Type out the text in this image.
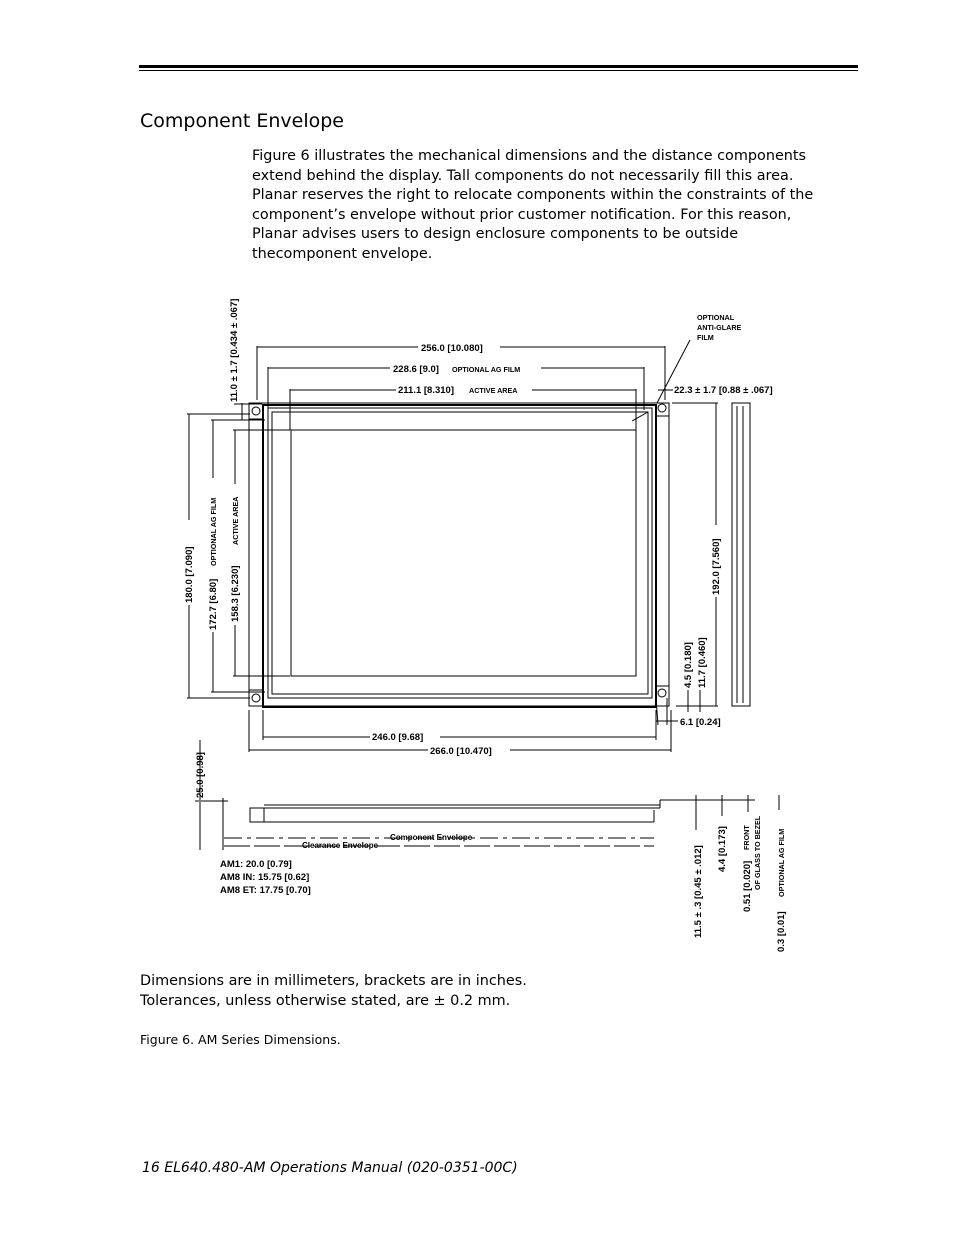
Component Envelope

Figure 6 illustrates the mechanical dimensions and the distance components extend behind the display. Tall components do not necessarily fill this area. Planar reserves the right to relocate components within the constraints of the component’s envelope without prior customer notification. For this reason, Planar advises users to design enclosure components to be outside thecomponent envelope.

256.0 [10.080]
228.6 [9.0] OPTIONAL AG FILM
211.1 [8.310] ACTIVE AREA	22.3 ± 1.7 [0.88 ± .067]
OPTIONAL
ANTI-GLARE
FILM
11.0 ± 1.7 [0.434 ± .067]
180.0 [7.090]
172.7 [6.80]
OPTIONAL AG FILM
158.3 [6.230]
ACTIVE AREA
192.0 [7.560]
4.5 [0.180] 11.7 [0.460]
6.1 [0.24]
246.0 [9.68]
266.0 [10.470]
25.0 [0.98]
Component Envelope
Clearance Envelope
AM1: 20.0 [0.79]
AM8 IN: 15.75 [0.62]
AM8 ET: 17.75 [0.70]	11.5 ± .3 [0.45 ± .012] 4.4 [0.173]
0.51 [0.020]
FRONT OF GLASS TO BEZEL
0.3 [0.01]
OPTIONAL AG FILM

Dimensions are in millimeters, brackets are in inches.

Tolerances, unless otherwise stated, are ± 0.2 mm.

Figure 6. AM Series Dimensions.

16 EL640.480-AM Operations Manual (020-0351-00C)
